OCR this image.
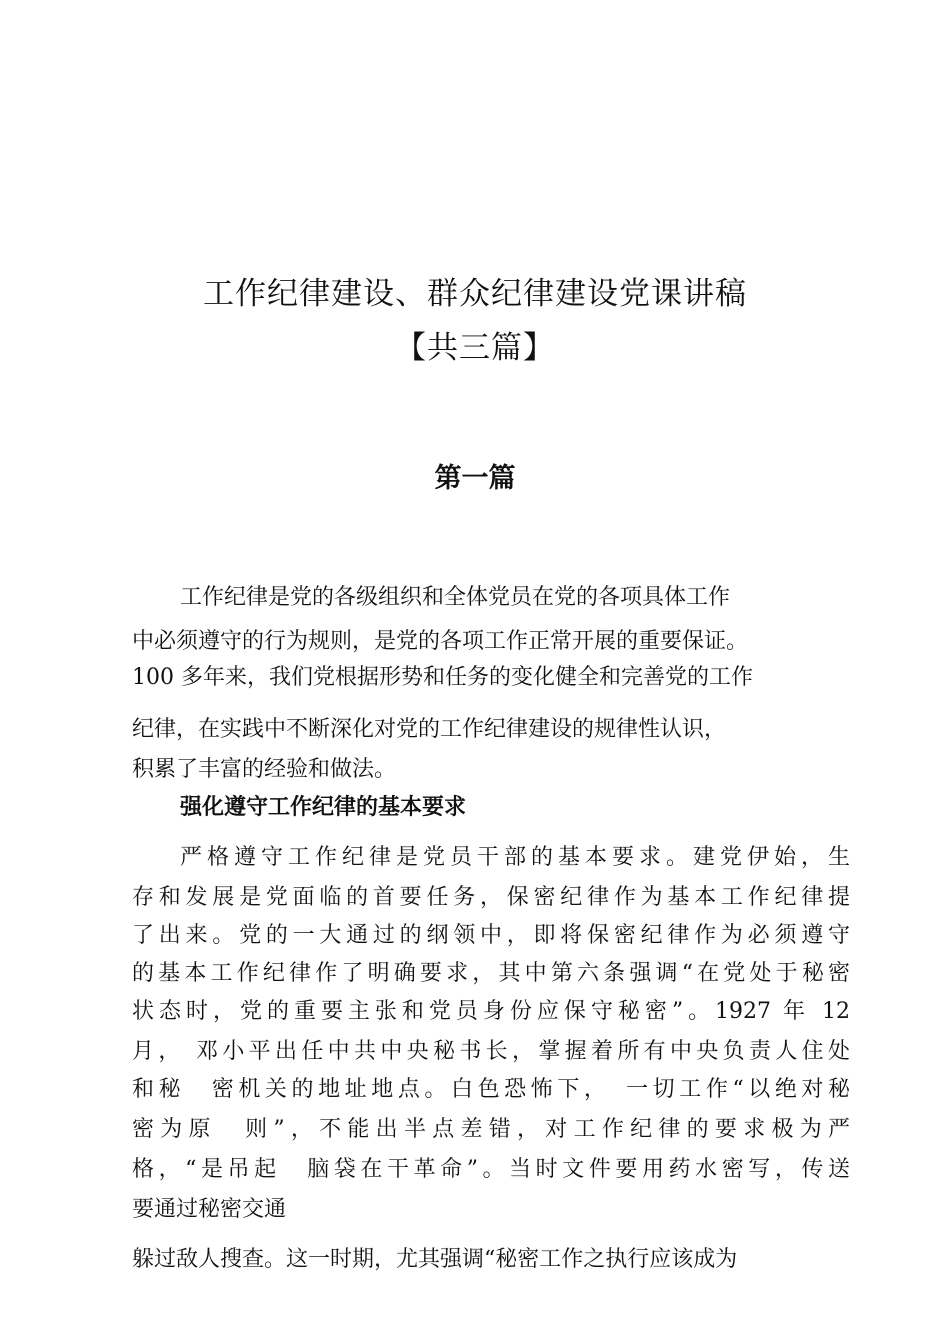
工作纪律建设、群众纪律建设党课讲稿
【共三篇】
第一篇
工作纪律是党的各级组织和全体党员在党的各项具体工作
中必须遵守的行为规则，是党的各项工作正常开展的重要保证。
100 多年来，我们党根据形势和任务的变化健全和完善党的工作
纪律，在实践中不断深化对党的工作纪律建设的规律性认识，
积累了丰富的经验和做法。
强化遵守工作纪律的基本要求
严格遵守工作纪律是党员干部的基本要求。建党伊始，生
存和发展是党面临的首要任务，保密纪律作为基本工作纪律提
了出来。党的一大通过的纲领中，即将保密纪律作为必须遵守
的基本工作纪律作了明确要求，其中第六条强调“在党处于秘密
状态时，党的重要主张和党员身份应保守秘密”。1927 年 12
月， 邓小平出任中共中央秘书长，掌握着所有中央负责人住处
和秘　密机关的地址地点。白色恐怖下，　一切工作“以绝对秘
密为原　则”，不能出半点差错，对工作纪律的要求极为严
格，“是吊起　脑袋在干革命”。当时文件要用药水密写，传送
要通过秘密交通
躲过敌人搜查。这一时期，尤其强调“秘密工作之执行应该成为
